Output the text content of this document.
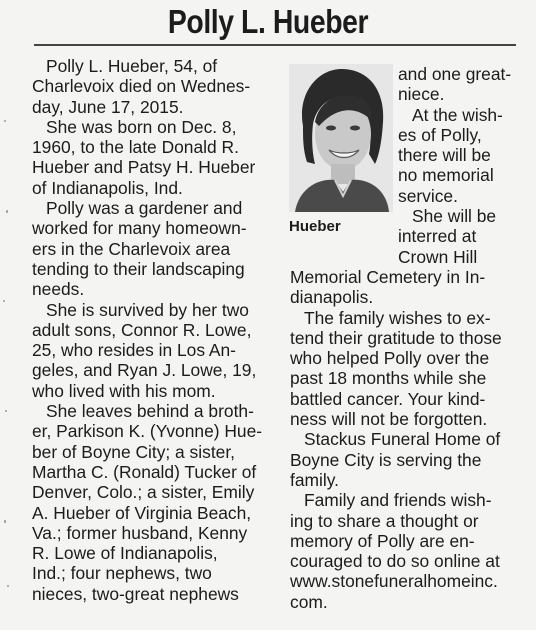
Polly L. Hueber
Polly L. Hueber, 54, of
Charlevoix died on Wednes-
day, June 17, 2015.
She was born on Dec. 8,
1960, to the late Donald R.
Hueber and Patsy H. Hueber
of Indianapolis, Ind.
Polly was a gardener and
worked for many homeown-
ers in the Charlevoix area
tending to their landscaping
needs.
She is survived by her two
adult sons, Connor R. Lowe,
25, who resides in Los An-
geles, and Ryan J. Lowe, 19,
who lived with his mom.
She leaves behind a broth-
er, Parkison K. (Yvonne) Hue-
ber of Boyne City; a sister,
Martha C. (Ronald) Tucker of
Denver, Colo.; a sister, Emily
A. Hueber of Virginia Beach,
Va.; former husband, Kenny
R. Lowe of Indianapolis,
Ind.; four nephews, two
nieces, two-great nephews
Hueber
and one great-
niece.
At the wish-
es of Polly,
there will be
no memorial
service.
She will be
interred at
Crown Hill
Memorial Cemetery in In-
dianapolis.
The family wishes to ex-
tend their gratitude to those
who helped Polly over the
past 18 months while she
battled cancer. Your kind-
ness will not be forgotten.
Stackus Funeral Home of
Boyne City is serving the
family.
Family and friends wish-
ing to share a thought or
memory of Polly are en-
couraged to do so online at
www.stonefuneralhomeinc.
com.
